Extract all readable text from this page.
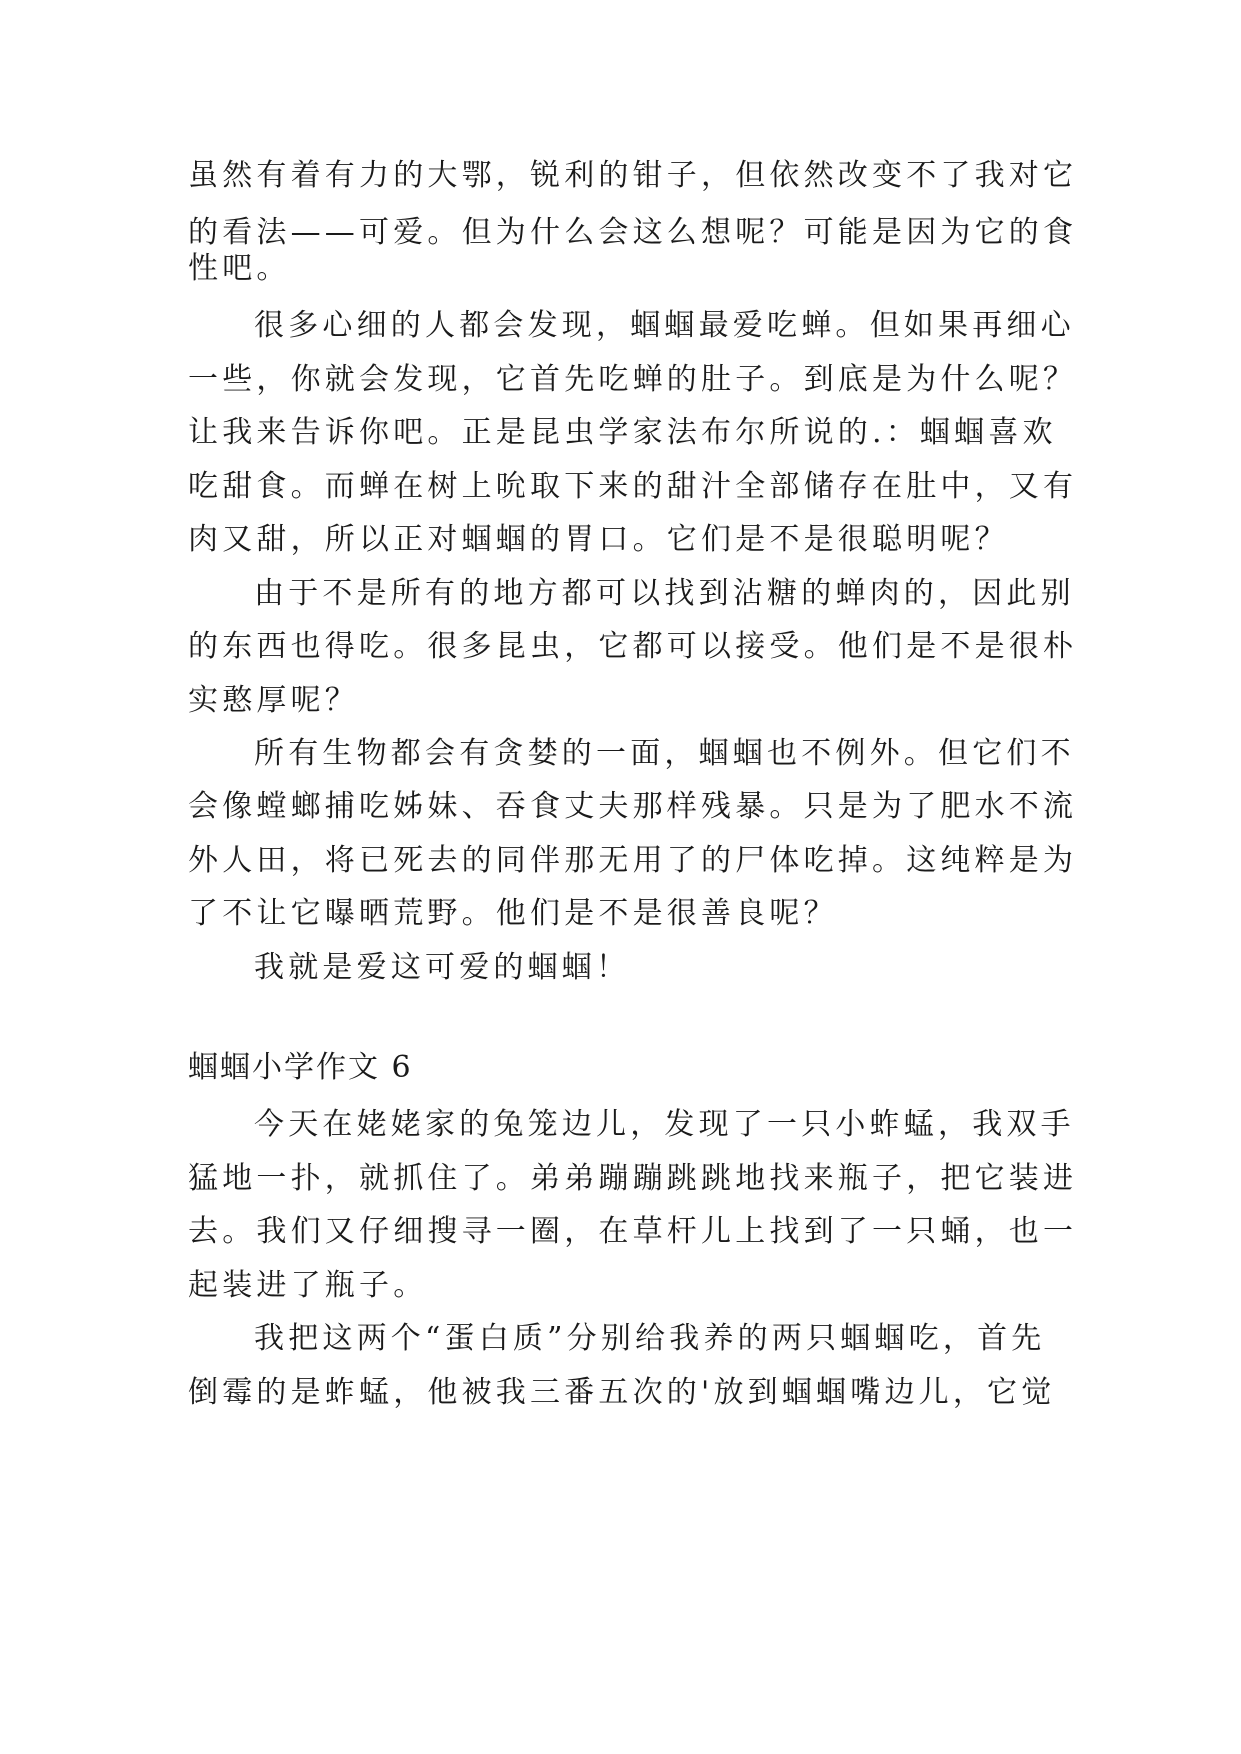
虽然有着有力的大鄂，锐利的钳子，但依然改变不了我对它
的看法——可爱。但为什么会这么想呢？可能是因为它的食
性吧。
很多心细的人都会发现，蝈蝈最爱吃蝉。但如果再细心
一些，你就会发现，它首先吃蝉的肚子。到底是为什么呢？
让我来告诉你吧。正是昆虫学家法布尔所说的.：蝈蝈喜欢
吃甜食。而蝉在树上吮取下来的甜汁全部储存在肚中，又有
肉又甜，所以正对蝈蝈的胃口。它们是不是很聪明呢？
由于不是所有的地方都可以找到沾糖的蝉肉的，因此别
的东西也得吃。很多昆虫，它都可以接受。他们是不是很朴
实憨厚呢？
所有生物都会有贪婪的一面，蝈蝈也不例外。但它们不
会像螳螂捕吃姊妹、吞食丈夫那样残暴。只是为了肥水不流
外人田，将已死去的同伴那无用了的尸体吃掉。这纯粹是为
了不让它曝晒荒野。他们是不是很善良呢？
我就是爱这可爱的蝈蝈！
蝈蝈小学作文 6
今天在姥姥家的兔笼边儿，发现了一只小蚱蜢，我双手
猛地一扑，就抓住了。弟弟蹦蹦跳跳地找来瓶子，把它装进
去。我们又仔细搜寻一圈，在草杆儿上找到了一只蛹，也一
起装进了瓶子。
我把这两个“蛋白质”分别给我养的两只蝈蝈吃，首先
倒霉的是蚱蜢，他被我三番五次的'放到蝈蝈嘴边儿，它觉
